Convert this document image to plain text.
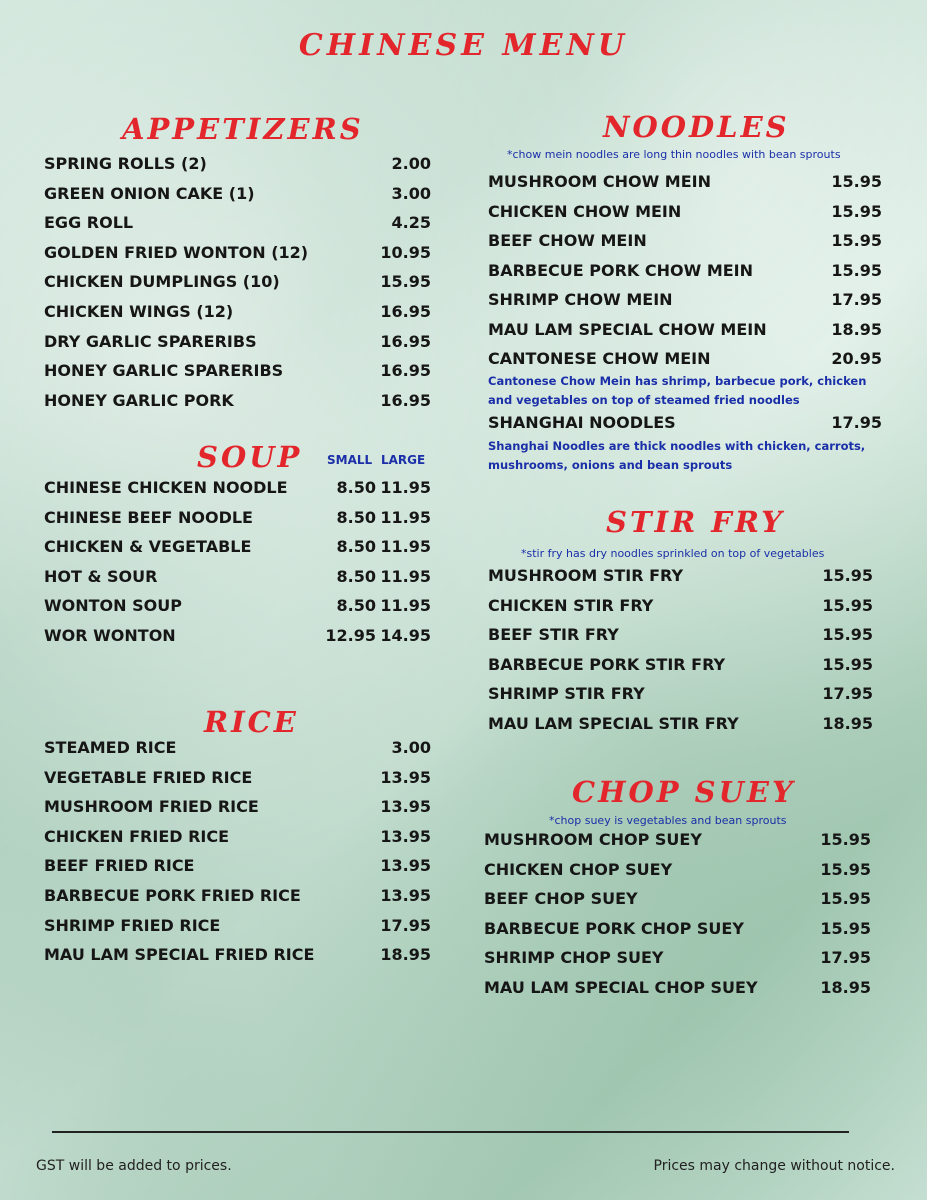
CHINESE MENU
APPETIZERS
SPRING ROLLS (2)	2.00
GREEN ONION CAKE (1)	3.00
EGG ROLL	4.25
GOLDEN FRIED WONTON (12)	10.95
CHICKEN DUMPLINGS (10)	15.95
CHICKEN WINGS (12)	16.95
DRY GARLIC SPARERIBS	16.95
HONEY GARLIC SPARERIBS	16.95
HONEY GARLIC PORK	16.95
SOUP SMALL LARGE
CHINESE CHICKEN NOODLE	8.50 11.95
CHINESE BEEF NOODLE	8.50 11.95
CHICKEN & VEGETABLE	8.50 11.95
HOT & SOUR	8.50 11.95
WONTON SOUP	8.50 11.95
WOR WONTON	12.95 14.95
RICE
STEAMED RICE	3.00
VEGETABLE FRIED RICE	13.95
MUSHROOM FRIED RICE	13.95
CHICKEN FRIED RICE	13.95
BEEF FRIED RICE	13.95
BARBECUE PORK FRIED RICE	13.95
SHRIMP FRIED RICE	17.95
MAU LAM SPECIAL FRIED RICE	18.95
NOODLES
*chow mein noodles are long thin noodles with bean sprouts
MUSHROOM CHOW MEIN	15.95
CHICKEN CHOW MEIN	15.95
BEEF CHOW MEIN	15.95
BARBECUE PORK CHOW MEIN	15.95
SHRIMP CHOW MEIN	17.95
MAU LAM SPECIAL CHOW MEIN	18.95
CANTONESE CHOW MEIN	20.95
Cantonese Chow Mein has shrimp, barbecue pork, chicken
and vegetables on top of steamed fried noodles
SHANGHAI NOODLES	17.95
Shanghai Noodles are thick noodles with chicken, carrots,
mushrooms, onions and bean sprouts
STIR FRY
*stir fry has dry noodles sprinkled on top of vegetables
MUSHROOM STIR FRY	15.95
CHICKEN STIR FRY	15.95
BEEF STIR FRY	15.95
BARBECUE PORK STIR FRY	15.95
SHRIMP STIR FRY	17.95
MAU LAM SPECIAL STIR FRY	18.95
CHOP SUEY
*chop suey is vegetables and bean sprouts
MUSHROOM CHOP SUEY	15.95
CHICKEN CHOP SUEY	15.95
BEEF CHOP SUEY	15.95
BARBECUE PORK CHOP SUEY	15.95
SHRIMP CHOP SUEY	17.95
MAU LAM SPECIAL CHOP SUEY	18.95
GST will be added to prices.	Prices may change without notice.
